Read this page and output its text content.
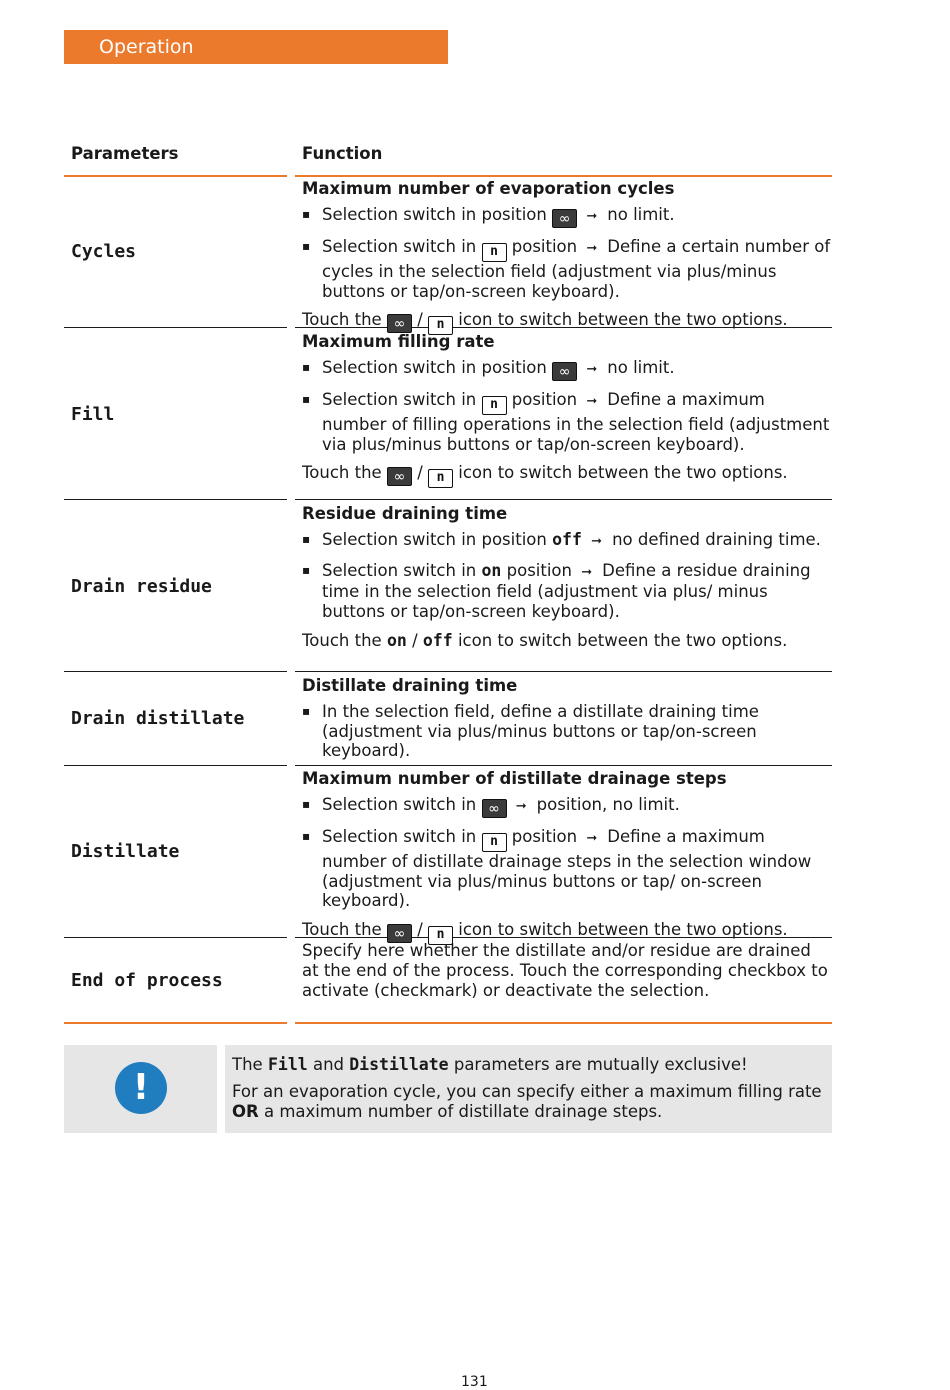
Operation
Parameters	Function
Cycles

Maximum number of evaporation cycles

▪ Selection switch in position ∞ ➞ no limit.
▪ Selection switch in n position ➞ Define a certain number of cycles in the selection field (adjustment via plus/minus buttons or tap/on-screen keyboard).

Touch the ∞ / n icon to switch between the two options.

Fill

Maximum filling rate

▪ Selection switch in position ∞ ➞ no limit.
▪ Selection switch in n position ➞ Define a maximum number of filling operations in the selection field (adjustment via plus/minus buttons or tap/on-screen keyboard).

Touch the ∞ / n icon to switch between the two options.

Drain residue

Residue draining time

▪ Selection switch in position off ➞ no defined draining time.
▪ Selection switch in on position ➞ Define a residue draining time in the selection field (adjustment via plus/ minus buttons or tap/on-screen keyboard).

Touch the on / off icon to switch between the two options.

Drain distillate

Distillate draining time

▪ In the selection field, define a distillate draining time (adjustment via plus/minus buttons or tap/on-screen keyboard).
Distillate

Maximum number of distillate drainage steps

▪ Selection switch in ∞ ➞ position, no limit.
▪ Selection switch in n position ➞ Define a maximum number of distillate drainage steps in the selection window (adjustment via plus/minus buttons or tap/ on-screen keyboard).

Touch the ∞ / n icon to switch between the two options.

End of process

Specify here whether the distillate and/or residue are drained at the end of the process. Touch the corresponding checkbox to activate (checkmark) or deactivate the selection.

!

The Fill and Distillate parameters are mutually exclusive!

For an evaporation cycle, you can specify either a maximum filling rate OR a maximum number of distillate drainage steps.

131
